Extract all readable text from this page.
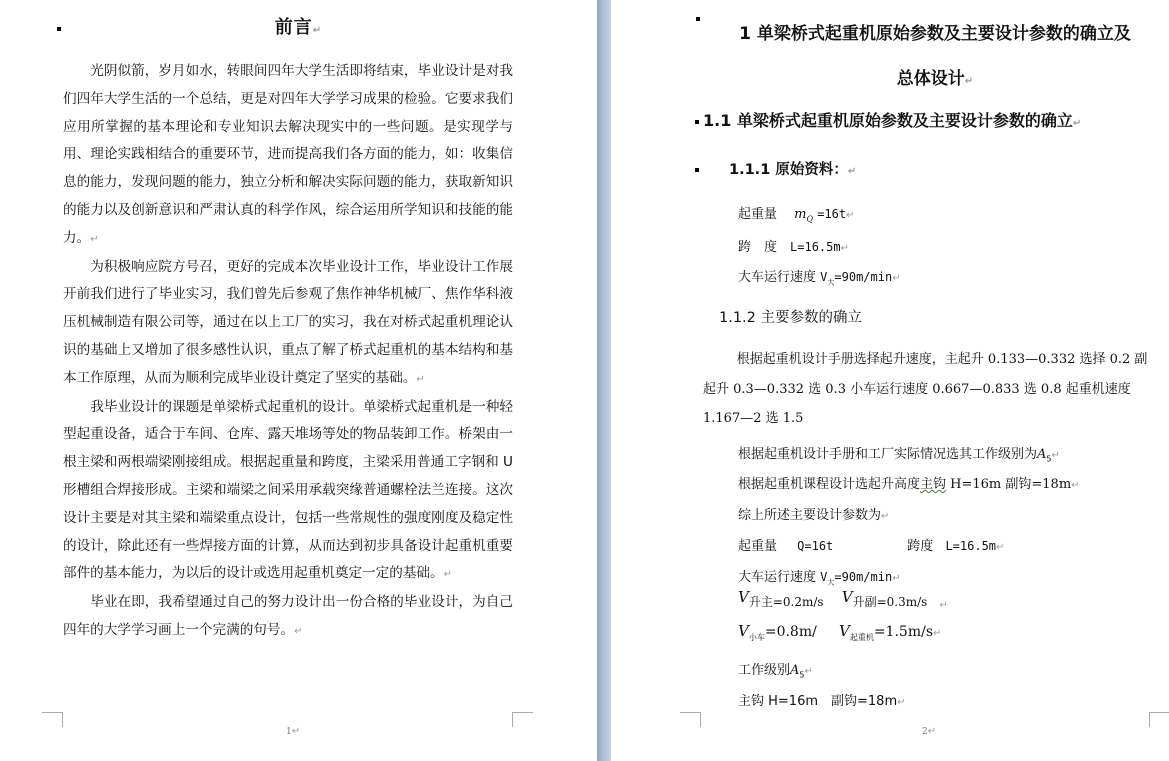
前言↵

光阴似箭，岁月如水，转眼间四年大学生活即将结束，毕业设计是对我们四年大学生活的一个总结，更是对四年大学学习成果的检验。它要求我们应用所掌握的基本理论和专业知识去解决现实中的一些问题。是实现学与用、理论实践相结合的重要环节，进而提高我们各方面的能力，如：收集信息的能力，发现问题的能力，独立分析和解决实际问题的能力，获取新知识的能力以及创新意识和严肃认真的科学作风，综合运用所学知识和技能的能力。↵

为积极响应院方号召，更好的完成本次毕业设计工作，毕业设计工作展开前我们进行了毕业实习，我们曾先后参观了焦作神华机械厂、焦作华科液压机械制造有限公司等，通过在以上工厂的实习，我在对桥式起重机理论认识的基础上又增加了很多感性认识，重点了解了桥式起重机的基本结构和基本工作原理，从而为顺利完成毕业设计奠定了坚实的基础。↵

我毕业设计的课题是单梁桥式起重机的设计。单梁桥式起重机是一种轻型起重设备，适合于车间、仓库、露天堆场等处的物品装卸工作。桥架由一根主梁和两根端梁刚接组成。根据起重量和跨度，主梁采用普通工字钢和 U 形槽组合焊接形成。主梁和端梁之间采用承载突缘普通螺栓法兰连接。这次设计主要是对其主梁和端梁重点设计，包括一些常规性的强度刚度及稳定性的设计，除此还有一些焊接方面的计算，从而达到初步具备设计起重机重要部件的基本能力，为以后的设计或选用起重机奠定一定的基础。↵

毕业在即，我希望通过自己的努力设计出一份合格的毕业设计，为自己四年的大学学习画上一个完满的句号。↵

1↵
1 单梁桥式起重机原始参数及主要设计参数的确立及
总体设计↵
1.1 单梁桥式起重机原始参数及主要设计参数的确立↵
1.1.1 原始资料：↵
起重量　 $m_Q$ =16t↵
跨　度　 L=16.5m↵
大车运行速度 $V_大=90m/\min↵$
1.1.2 主要参数的确立
根据起重机设计手册选择起升速度，主起升 0.133—0.332 选择 0.2 副起升 0.3—0.332 选 0.3 小车运行速度 0.667—0.833 选 0.8 起重机速度 1.167—2 选 1.5
根据起重机设计手册和工厂实际情况选其工作级别为$A_5↵$
根据起重机课程设计选起升高度主钩 H=16m 副钩=18m↵
综上所述主要设计参数为↵
起重量 Q=16t	跨度 L=16.5m↵
大车运行速度 $V_大=90m/\min↵$
V升主=0.2m/s V升副=0.3m/s $_↵$
$V_{小车}=0.8m/$ $V_{起重机}=1.5m/s↵$
工作级别$A_5↵$
主钩 H=16m　副钩=18m↵
2↵
